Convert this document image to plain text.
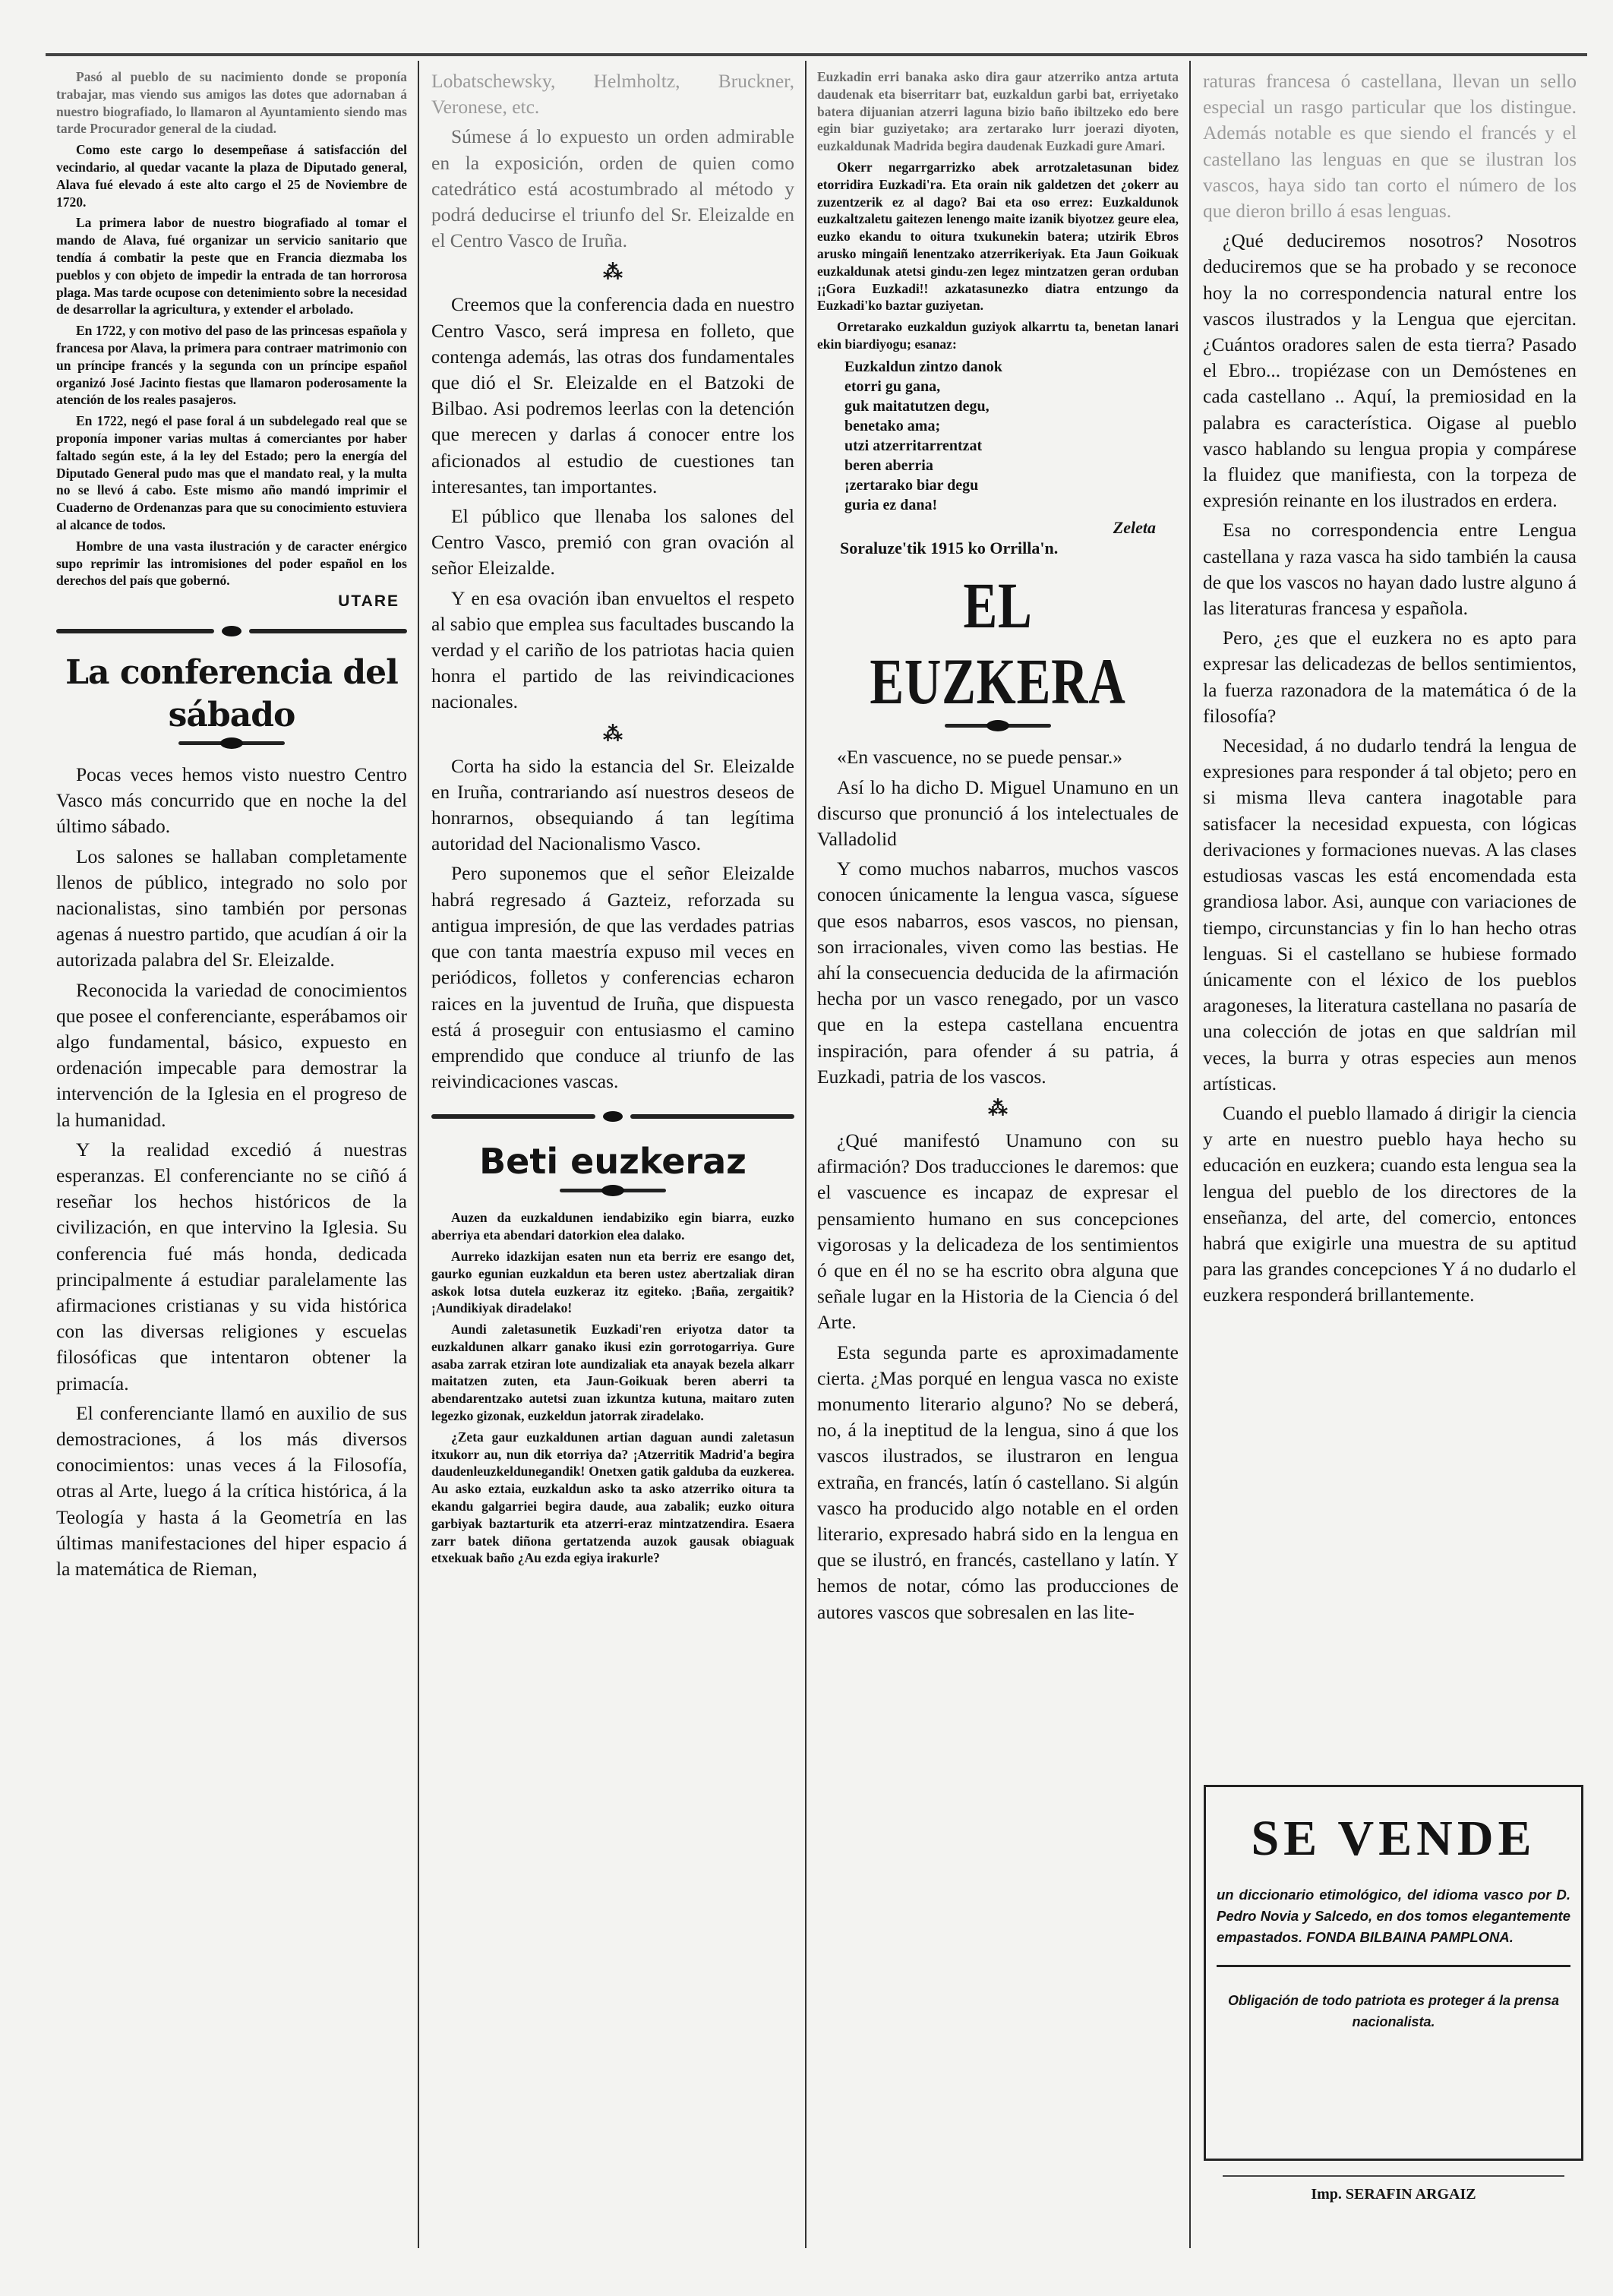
Pasó al pueblo de su nacimiento donde se proponía trabajar, mas viendo sus amigos las dotes que adornaban á nuestro biografiado, lo llamaron al Ayuntamiento siendo mas tarde Procurador general de la ciudad.

Como este cargo lo desempeñase á satisfacción del vecindario, al quedar vacante la plaza de Diputado general, Alava fué elevado á este alto cargo el 25 de Noviembre de 1720.

La primera labor de nuestro biografiado al tomar el mando de Alava, fué organizar un servicio sanitario que tendía á combatir la peste que en Francia diezmaba los pueblos y con objeto de impedir la entrada de tan horrorosa plaga. Mas tarde ocupose con detenimiento sobre la necesidad de desarrollar la agricultura, y extender el arbolado.

En 1722, y con motivo del paso de las princesas española y francesa por Alava, la primera para contraer matrimonio con un príncipe francés y la segunda con un príncipe español organizó José Jacinto fiestas que llamaron poderosamente la atención de los reales pasajeros.

En 1722, negó el pase foral á un subdelegado real que se proponía imponer varias multas á comerciantes por haber faltado según este, á la ley del Estado; pero la energía del Diputado General pudo mas que el mandato real, y la multa no se llevó á cabo. Este mismo año mandó imprimir el Cuaderno de Ordenanzas para que su conocimiento estuviera al alcance de todos.

Hombre de una vasta ilustración y de caracter enérgico supo reprimir las intromisiones del poder español en los derechos del país que gobernó.

UTARE
La conferencia del sábado

Pocas veces hemos visto nuestro Centro Vasco más concurrido que en noche la del último sábado.

Los salones se hallaban completamente llenos de público, integrado no solo por nacionalistas, sino también por personas agenas á nuestro partido, que acudían á oir la autorizada palabra del Sr. Eleizalde.

Reconocida la variedad de conocimientos que posee el conferenciante, esperábamos oir algo fundamental, básico, expuesto en ordenación impecable para demostrar la intervención de la Iglesia en el progreso de la humanidad.

Y la realidad excedió á nuestras esperanzas. El conferenciante no se ciñó á reseñar los hechos históricos de la civilización, en que intervino la Iglesia. Su conferencia fué más honda, dedicada principalmente á estudiar paralelamente las afirmaciones cristianas y su vida histórica con las diversas religiones y escuelas filosóficas que intentaron obtener la primacía.

El conferenciante llamó en auxilio de sus demostraciones, á los más diversos conocimientos: unas veces á la Filosofía, otras al Arte, luego á la crítica histórica, á la Teología y hasta á la Geometría en las últimas manifestaciones del hiper espacio á la matemática de Rieman,

Lobatschewsky, Helmholtz, Bruckner, Veronese, etc.

Súmese á lo expuesto un orden admirable en la exposición, orden de quien como catedrático está acostumbrado al método y podrá deducirse el triunfo del Sr. Eleizalde en el Centro Vasco de Iruña.

⁂

Creemos que la conferencia dada en nuestro Centro Vasco, será impresa en folleto, que contenga además, las otras dos fundamentales que dió el Sr. Eleizalde en el Batzoki de Bilbao. Asi podremos leerlas con la detención que merecen y darlas á conocer entre los aficionados al estudio de cuestiones tan interesantes, tan importantes.

El público que llenaba los salones del Centro Vasco, premió con gran ovación al señor Eleizalde.

Y en esa ovación iban envueltos el respeto al sabio que emplea sus facultades buscando la verdad y el cariño de los patriotas hacia quien honra el partido de las reivindicaciones nacionales.

⁂

Corta ha sido la estancia del Sr. Eleizalde en Iruña, contrariando así nuestros deseos de honrarnos, obsequiando á tan legítima autoridad del Nacionalismo Vasco.

Pero suponemos que el señor Eleizalde habrá regresado á Gazteiz, reforzada su antigua impresión, de que las verdades patrias que con tanta maestría expuso mil veces en periódicos, folletos y conferencias echaron raices en la juventud de Iruña, que dispuesta está á proseguir con entusiasmo el camino emprendido que conduce al triunfo de las reivindicaciones vascas.

Beti euzkeraz

Auzen da euzkaldunen iendabiziko egin biarra, euzko aberriya eta abendari datorkion elea dalako.

Aurreko idazkijan esaten nun eta berriz ere esango det, gaurko egunian euzkaldun eta beren ustez abertzaliak diran askok lotsa dutela euzkeraz itz egiteko. ¡Baña, zergaitik? ¡Aundikiyak diradelako!

Aundi zaletasunetik Euzkadi'ren eriyotza dator ta euzkaldunen alkarr ganako ikusi ezin gorrotogarriya. Gure asaba zarrak etziran lote aundizaliak eta anayak bezela alkarr maitatzen zuten, eta Jaun-Goikuak beren aberri ta abendarentzako autetsi zuan izkuntza kutuna, maitaro zuten legezko gizonak, euzkeldun jatorrak ziradelako.

¿Zeta gaur euzkaldunen artian daguan aundi zaletasun itxukorr au, nun dik etorriya da? ¡Atzerritik Madrid'a begira daudenleuzkeldunegandik! Onetxen gatik galduba da euzkerea. Au asko eztaia, euzkaldun asko ta asko atzerriko oitura ta ekandu galgarriei begira daude, aua zabalik; euzko oitura garbiyak baztarturik eta atzerri-eraz mintzatzendira. Esaera zarr batek diñona gertatzenda auzok gausak obiaguak etxekuak baño ¿Au ezda egiya irakurle?

Euzkadin erri banaka asko dira gaur atzerriko antza artuta daudenak eta biserritarr bat, euzkaldun garbi bat, erriyetako batera dijuanian atzerri laguna bizio baño ibiltzeko edo bere egin biar guziyetako; ara zertarako lurr joerazi diyoten, euzkaldunak Madrida begira daudenak Euzkadi gure Amari.

Okerr negarrgarrizko abek arrotzaletasunan bidez etorridira Euzkadi'ra. Eta orain nik galdetzen det ¿okerr au zuzentzerik ez al dago? Bai eta oso errez: Euzkaldunok euzkaltzaletu gaitezen lenengo maite izanik biyotzez geure elea, euzko ekandu to oitura txukunekin batera; utzirik Ebros arusko mingaiñ lenentzako atzerrikeriyak. Eta Jaun Goikuak euzkaldunak atetsi gindu-zen legez mintzatzen geran orduban ¡¡Gora Euzkadi!! azkatasunezko diatra entzungo da Euzkadi'ko baztar guziyetan.

Orretarako euzkaldun guziyok alkarrtu ta, benetan lanari ekin biardiyogu; esanaz:

Euzkaldun zintzo danok
etorri gu gana,
guk maitatutzen degu,
benetako ama;
utzi atzerritarrentzat
beren aberria
¡zertarako biar degu
guria ez dana!
Zeleta
Soraluze'tik 1915 ko Orrilla'n.
EL EUZKERA

«En vascuence, no se puede pensar.»

Así lo ha dicho D. Miguel Unamuno en un discurso que pronunció á los intelectuales de Valladolid

Y como muchos nabarros, muchos vascos conocen únicamente la lengua vasca, síguese que esos nabarros, esos vascos, no piensan, son irracionales, viven como las bestias. He ahí la consecuencia deducida de la afirmación hecha por un vasco renegado, por un vasco que en la estepa castellana encuentra inspiración, para ofender á su patria, á Euzkadi, patria de los vascos.

⁂

¿Qué manifestó Unamuno con su afirmación? Dos traducciones le daremos: que el vascuence es incapaz de expresar el pensamiento humano en sus concepciones vigorosas y la delicadeza de los sentimientos ó que en él no se ha escrito obra alguna que señale lugar en la Historia de la Ciencia ó del Arte.

Esta segunda parte es aproximadamente cierta. ¿Mas porqué en lengua vasca no existe monumento literario alguno? No se deberá, no, á la ineptitud de la lengua, sino á que los vascos ilustrados, se ilustraron en lengua extraña, en francés, latín ó castellano. Si algún vasco ha producido algo notable en el orden literario, expresado habrá sido en la lengua en que se ilustró, en francés, castellano y latín. Y hemos de notar, cómo las producciones de autores vascos que sobresalen en las lite-

raturas francesa ó castellana, llevan un sello especial un rasgo particular que los distingue. Además notable es que siendo el francés y el castellano las lenguas en que se ilustran los vascos, haya sido tan corto el número de los que dieron brillo á esas lenguas.

¿Qué deduciremos nosotros? Nosotros deduciremos que se ha probado y se reconoce hoy la no correspondencia natural entre los vascos ilustrados y la Lengua que ejercitan. ¿Cuántos oradores salen de esta tierra? Pasado el Ebro... tropiézase con un Demóstenes en cada castellano .. Aquí, la premiosidad en la palabra es característica. Oigase al pueblo vasco hablando su lengua propia y compárese la fluidez que manifiesta, con la torpeza de expresión reinante en los ilustrados en erdera.

Esa no correspondencia entre Lengua castellana y raza vasca ha sido también la causa de que los vascos no hayan dado lustre alguno á las literaturas francesa y española.

Pero, ¿es que el euzkera no es apto para expresar las delicadezas de bellos sentimientos, la fuerza razonadora de la matemática ó de la filosofía?

Necesidad, á no dudarlo tendrá la lengua de expresiones para responder á tal objeto; pero en si misma lleva cantera inagotable para satisfacer la necesidad expuesta, con lógicas derivaciones y formaciones nuevas. A las clases estudiosas vascas les está encomendada esta grandiosa labor. Asi, aunque con variaciones de tiempo, circunstancias y fin lo han hecho otras lenguas. Si el castellano se hubiese formado únicamente con el léxico de los pueblos aragoneses, la literatura castellana no pasaría de una colección de jotas en que saldrían mil veces, la burra y otras especies aun menos artísticas.

Cuando el pueblo llamado á dirigir la ciencia y arte en nuestro pueblo haya hecho su educación en euzkera; cuando esta lengua sea la lengua del pueblo de los directores de la enseñanza, del arte, del comercio, entonces habrá que exigirle una muestra de su aptitud para las grandes concepciones Y á no dudarlo el euzkera responderá brillantemente.

SE VENDE
un diccionario etimológico, del idioma vasco por D. Pedro Novia y Salcedo, en dos tomos elegantemente empastados. FONDA BILBAINA PAMPLONA.
Obligación de todo patriota es proteger á la prensa nacionalista.
Imp. SERAFIN ARGAIZ
